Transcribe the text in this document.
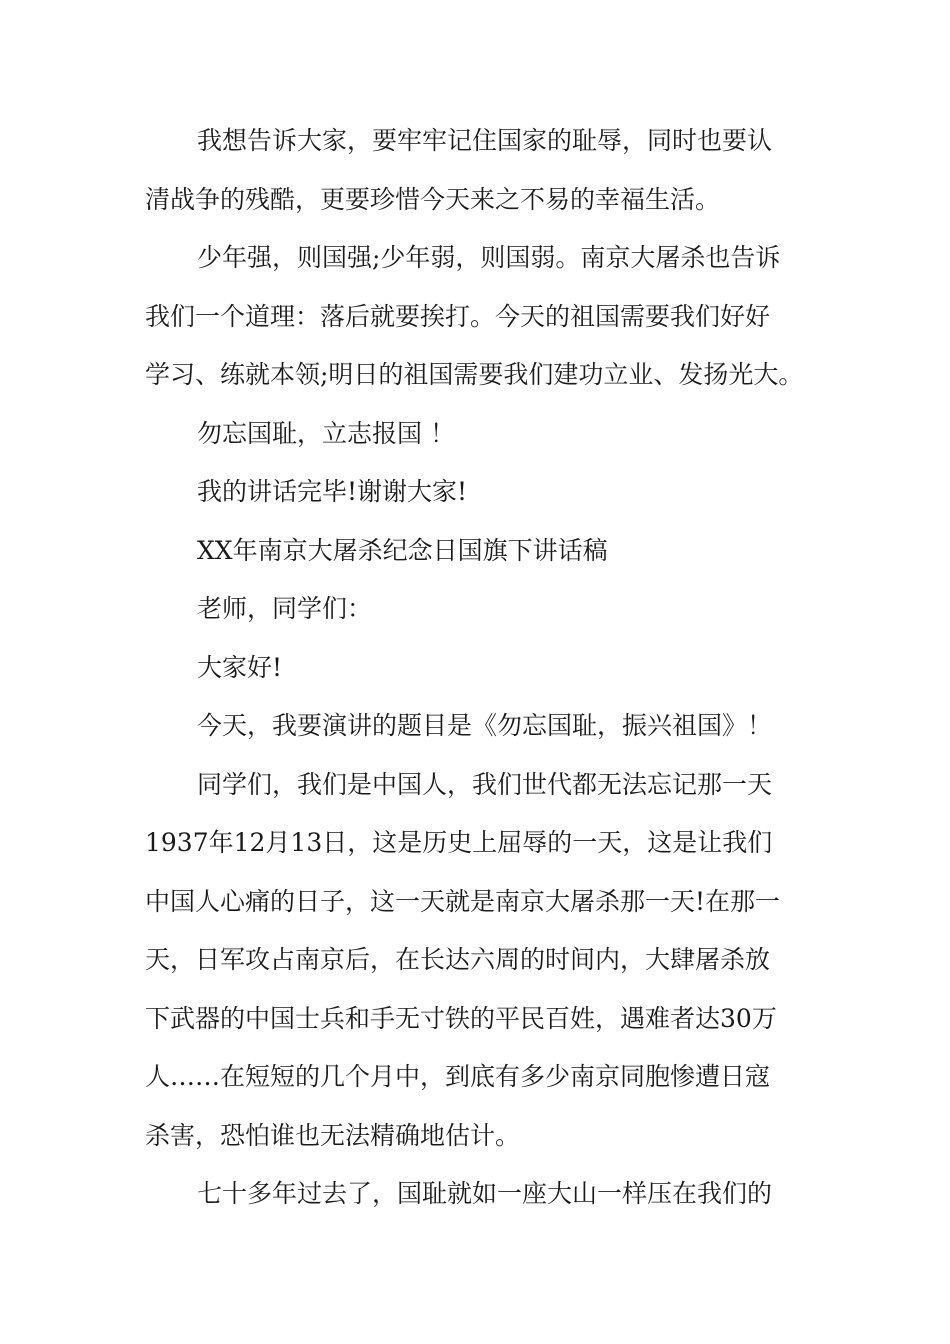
我想告诉大家，要牢牢记住国家的耻辱，同时也要认

清战争的残酷，更要珍惜今天来之不易的幸福生活。

少年强，则国强;少年弱，则国弱。南京大屠杀也告诉

我们一个道理：落后就要挨打。今天的祖国需要我们好好

学习、练就本领;明日的祖国需要我们建功立业、发扬光大。

勿忘国耻，立志报国 ！

我的讲话完毕!谢谢大家!

XX年南京大屠杀纪念日国旗下讲话稿

老师，同学们：

大家好!

今天，我要演讲的题目是《勿忘国耻，振兴祖国》！

同学们，我们是中国人，我们世代都无法忘记那一天

1937年12月13日，这是历史上屈辱的一天，这是让我们

中国人心痛的日子，这一天就是南京大屠杀那一天!在那一

天，日军攻占南京后，在长达六周的时间内，大肆屠杀放

下武器的中国士兵和手无寸铁的平民百姓，遇难者达30万

人……在短短的几个月中，到底有多少南京同胞惨遭日寇

杀害，恐怕谁也无法精确地估计。

七十多年过去了，国耻就如一座大山一样压在我们的
